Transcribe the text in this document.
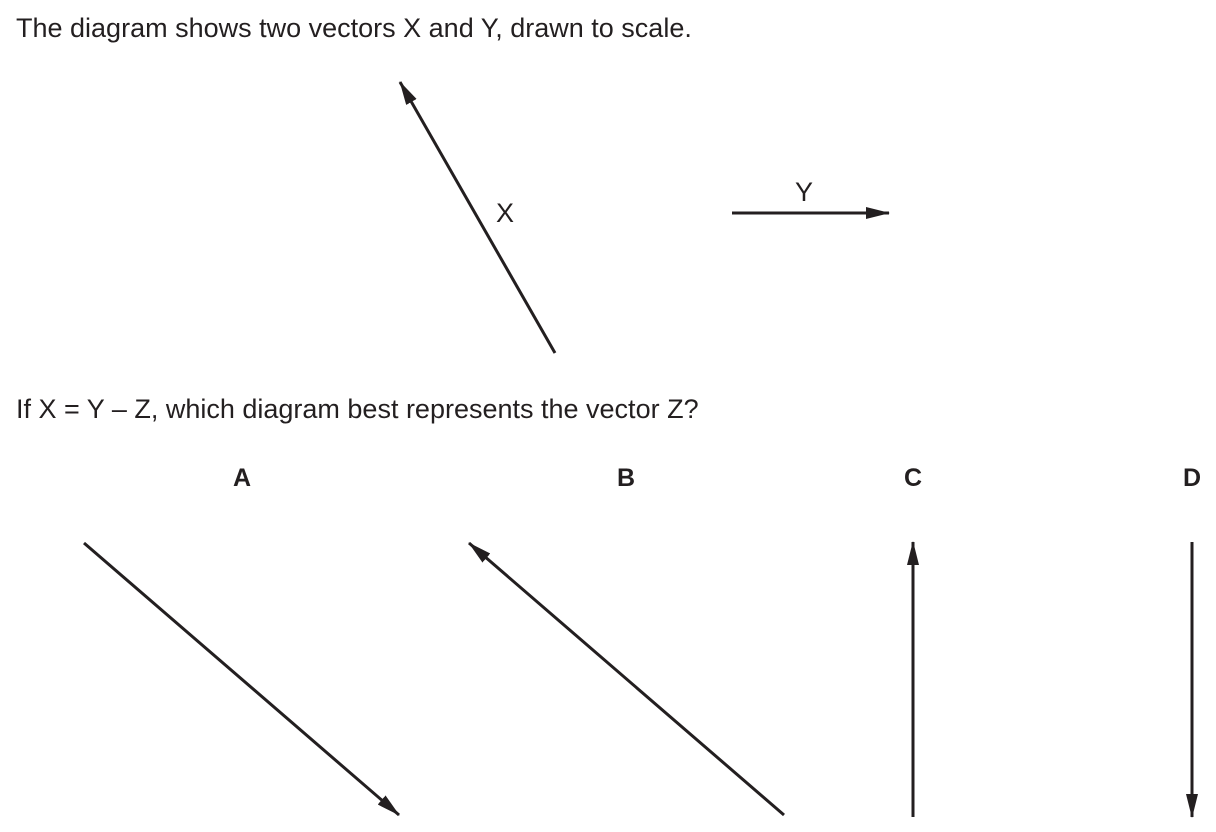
The diagram shows two vectors X and Y, drawn to scale.

If X = Y – Z, which diagram best represents the vector Z?

X
Y
A	B	C	D
